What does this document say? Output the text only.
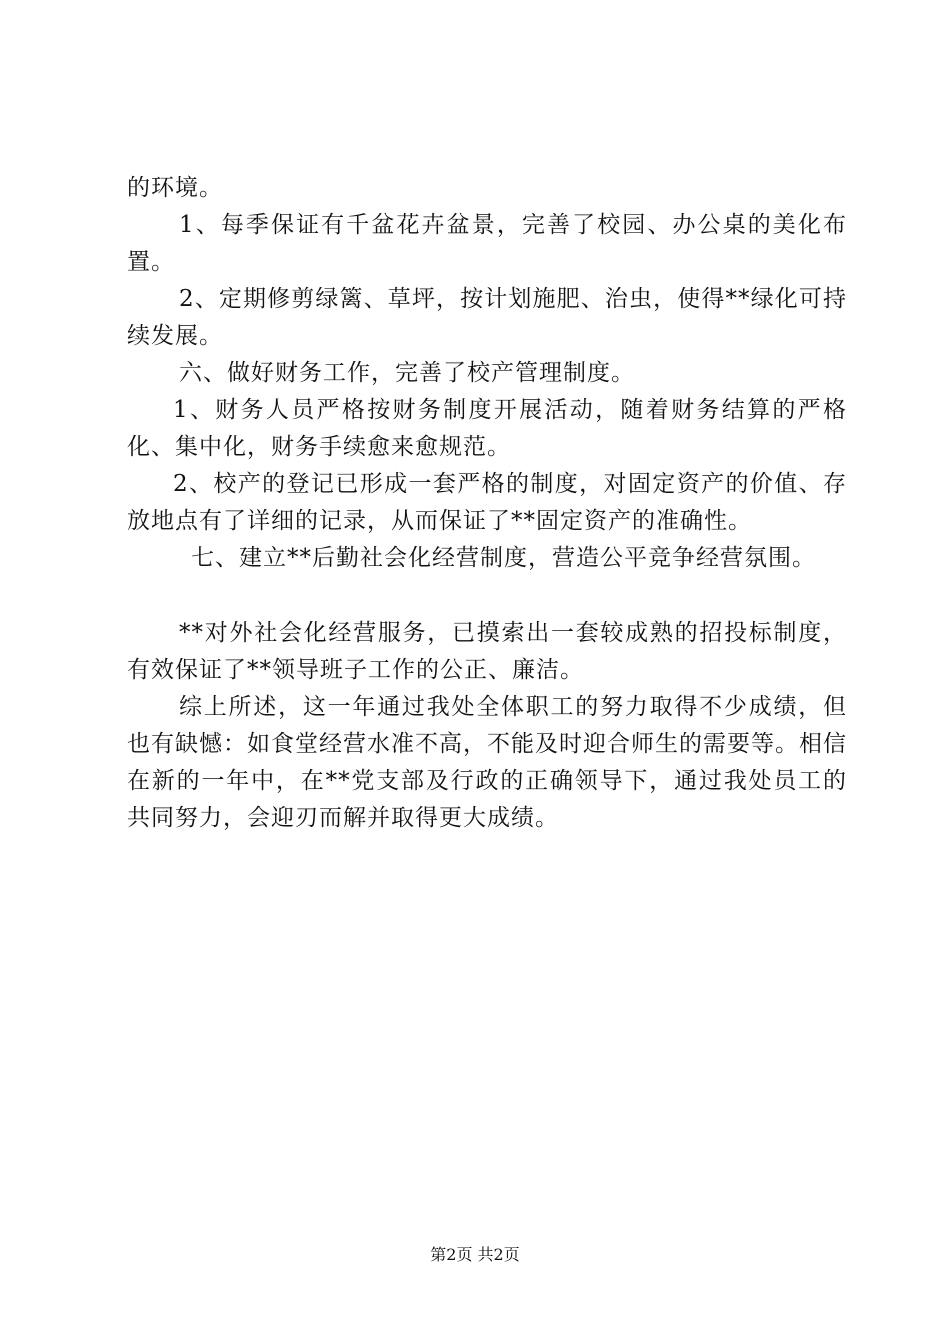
的环境。

1、每季保证有千盆花卉盆景，完善了校园、办公桌的美化布置。

2、定期修剪绿篱、草坪，按计划施肥、治虫，使得**绿化可持续发展。

六、做好财务工作，完善了校产管理制度。

1、财务人员严格按财务制度开展活动，随着财务结算的严格化、集中化，财务手续愈来愈规范。

2、校产的登记已形成一套严格的制度，对固定资产的价值、存放地点有了详细的记录，从而保证了**固定资产的准确性。

七、建立**后勤社会化经营制度，营造公平竞争经营氛围。

**对外社会化经营服务，已摸索出一套较成熟的招投标制度，有效保证了**领导班子工作的公正、廉洁。

综上所述，这一年通过我处全体职工的努力取得不少成绩，但也有缺憾：如食堂经营水准不高，不能及时迎合师生的需要等。相信在新的一年中，在**党支部及行政的正确领导下，通过我处员工的共同努力，会迎刃而解并取得更大成绩。

第2页 共2页
